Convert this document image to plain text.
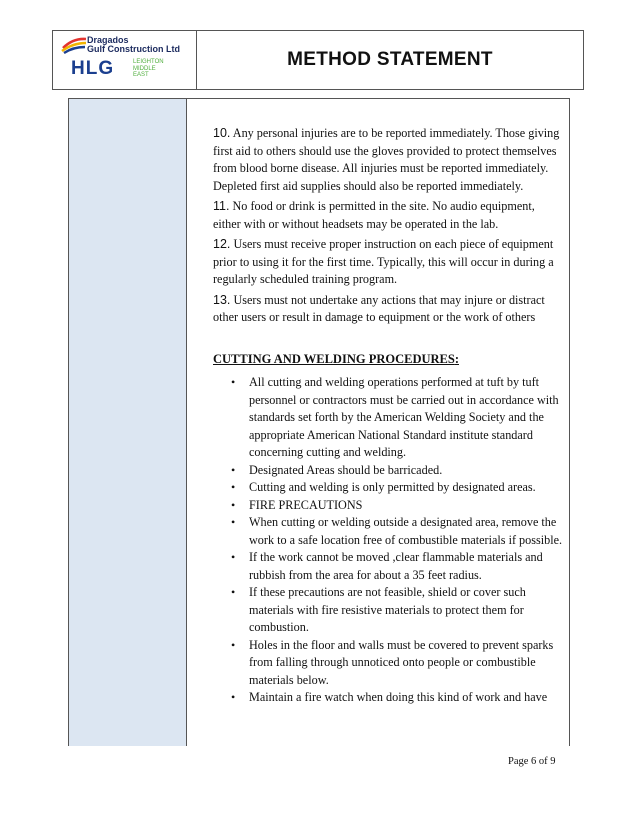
Dragados
Gulf Construction Ltd
HLG	LEIGHTON
MIDDLE
EAST
METHOD STATEMENT

10. Any personal injuries are to be reported immediately. Those giving first aid to others should use the gloves provided to protect themselves from blood borne disease. All injuries must be reported immediately. Depleted first aid supplies should also be reported immediately.

11. No food or drink is permitted in the site. No audio equipment, either with or without headsets may be operated in the lab.

12. Users must receive proper instruction on each piece of equipment prior to using it for the first time. Typically, this will occur in during a regularly scheduled training program.

13. Users must not undertake any actions that may injure or distract other users or result in damage to equipment or the work of others

CUTTING AND WELDING PROCEDURES:
• All cutting and welding operations performed at tuft by tuft personnel or contractors must be carried out in accordance with standards set forth by the American Welding Society and the appropriate American National Standard institute standard concerning cutting and welding.
• Designated Areas should be barricaded.
• Cutting and welding is only permitted by designated areas.
• FIRE PRECAUTIONS
• When cutting or welding outside a designated area, remove the work to a safe location free of combustible materials if possible.
• If the work cannot be moved ,clear flammable materials and rubbish from the area for about a 35 feet radius.
• If these precautions are not feasible, shield or cover such materials with fire resistive materials to protect them for combustion.
• Holes in the floor and walls must be covered to prevent sparks from falling through unnoticed onto people or combustible materials below.
• Maintain a fire watch when doing this kind of work and have
Page 6 of 9
